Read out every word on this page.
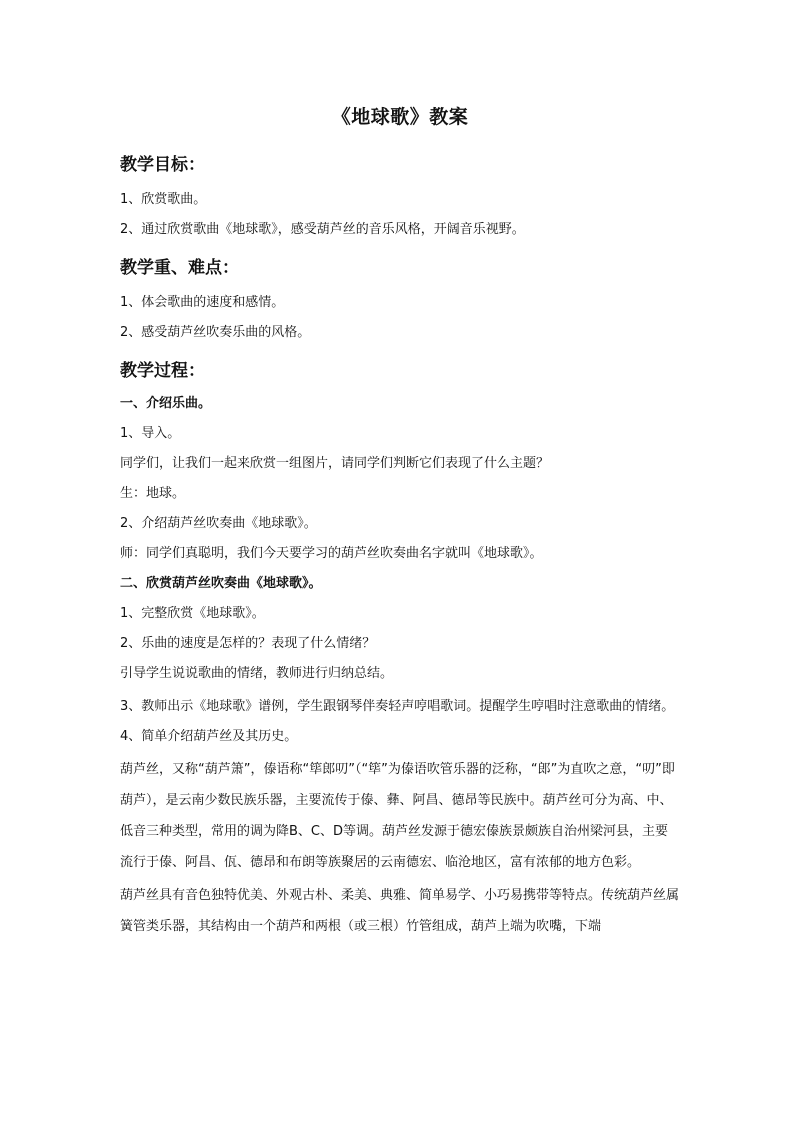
《地球歌》教案
教学目标：
1、欣赏歌曲。
2、通过欣赏歌曲《地球歌》，感受葫芦丝的音乐风格，开阔音乐视野。
教学重、难点：
1、体会歌曲的速度和感情。
2、感受葫芦丝吹奏乐曲的风格。
教学过程：
一、介绍乐曲。
1、导入。
同学们，让我们一起来欣赏一组图片，请同学们判断它们表现了什么主题？
生：地球。
2、介绍葫芦丝吹奏曲《地球歌》。
师：同学们真聪明，我们今天要学习的葫芦丝吹奏曲名字就叫《地球歌》。
二、欣赏葫芦丝吹奏曲《地球歌》。
1、完整欣赏《地球歌》。
2、乐曲的速度是怎样的？表现了什么情绪？
引导学生说说歌曲的情绪，教师进行归纳总结。
3、教师出示《地球歌》谱例，学生跟钢琴伴奏轻声哼唱歌词。提醒学生哼唱时注意歌曲的情绪。
4、简单介绍葫芦丝及其历史。
葫芦丝，又称“葫芦箫”，傣语称“筚郎叨”（“筚”为傣语吹管乐器的泛称，“郎”为直吹之意，“叨”即葫芦），是云南少数民族乐器，主要流传于傣、彝、阿昌、德昂等民族中。葫芦丝可分为高、中、低音三种类型，常用的调为降B、C、D等调。葫芦丝发源于德宏傣族景颇族自治州梁河县，主要流行于傣、阿昌、佤、德昂和布朗等族聚居的云南德宏、临沧地区，富有浓郁的地方色彩。
葫芦丝具有音色独特优美、外观古朴、柔美、典雅、简单易学、小巧易携带等特点。传统葫芦丝属簧管类乐器，其结构由一个葫芦和两根（或三根）竹管组成，葫芦上端为吹嘴，下端
